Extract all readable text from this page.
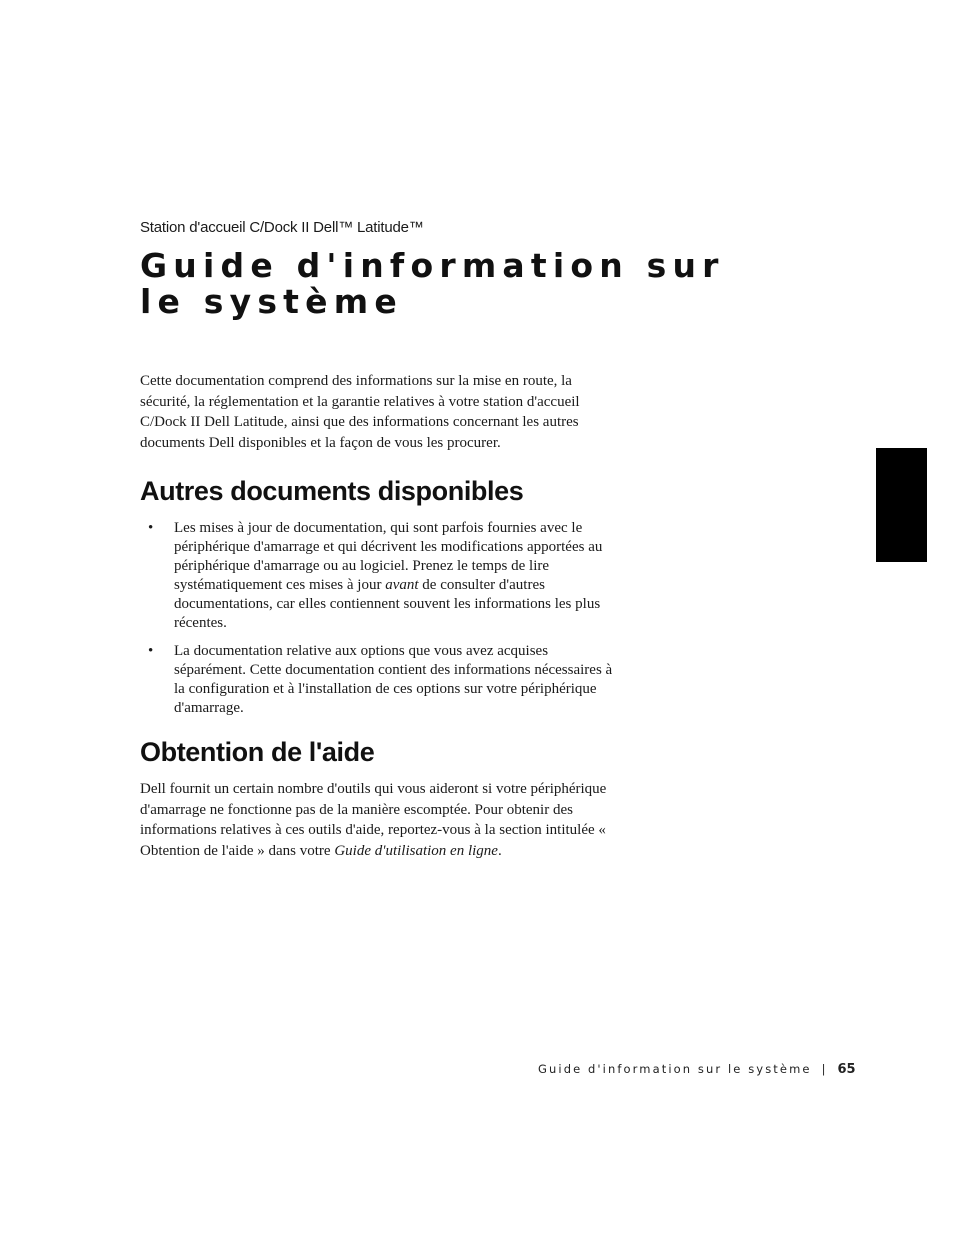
Station d'accueil C/Dock II Dell™ Latitude™
Guide d'information sur
le système

Cette documentation comprend des informations sur la mise en route, la sécurité, la réglementation et la garantie relatives à votre station d'accueil C/Dock II Dell Latitude, ainsi que des informations concernant les autres documents Dell disponibles et la façon de vous les procurer.

Autres documents disponibles
• Les mises à jour de documentation, qui sont parfois fournies avec le périphérique d'amarrage et qui décrivent les modifications apportées au périphérique d'amarrage ou au logiciel. Prenez le temps de lire systématiquement ces mises à jour avant de consulter d'autres documentations, car elles contiennent souvent les informations les plus récentes.
• La documentation relative aux options que vous avez acquises séparément. Cette documentation contient des informations nécessaires à la configuration et à l'installation de ces options sur votre périphérique d'amarrage.
Obtention de l'aide

Dell fournit un certain nombre d'outils qui vous aideront si votre périphérique d'amarrage ne fonctionne pas de la manière escomptée. Pour obtenir des informations relatives à ces outils d'aide, reportez-vous à la section intitulée « Obtention de l'aide » dans votre Guide d'utilisation en ligne.

Guide d'information sur le système | 65
